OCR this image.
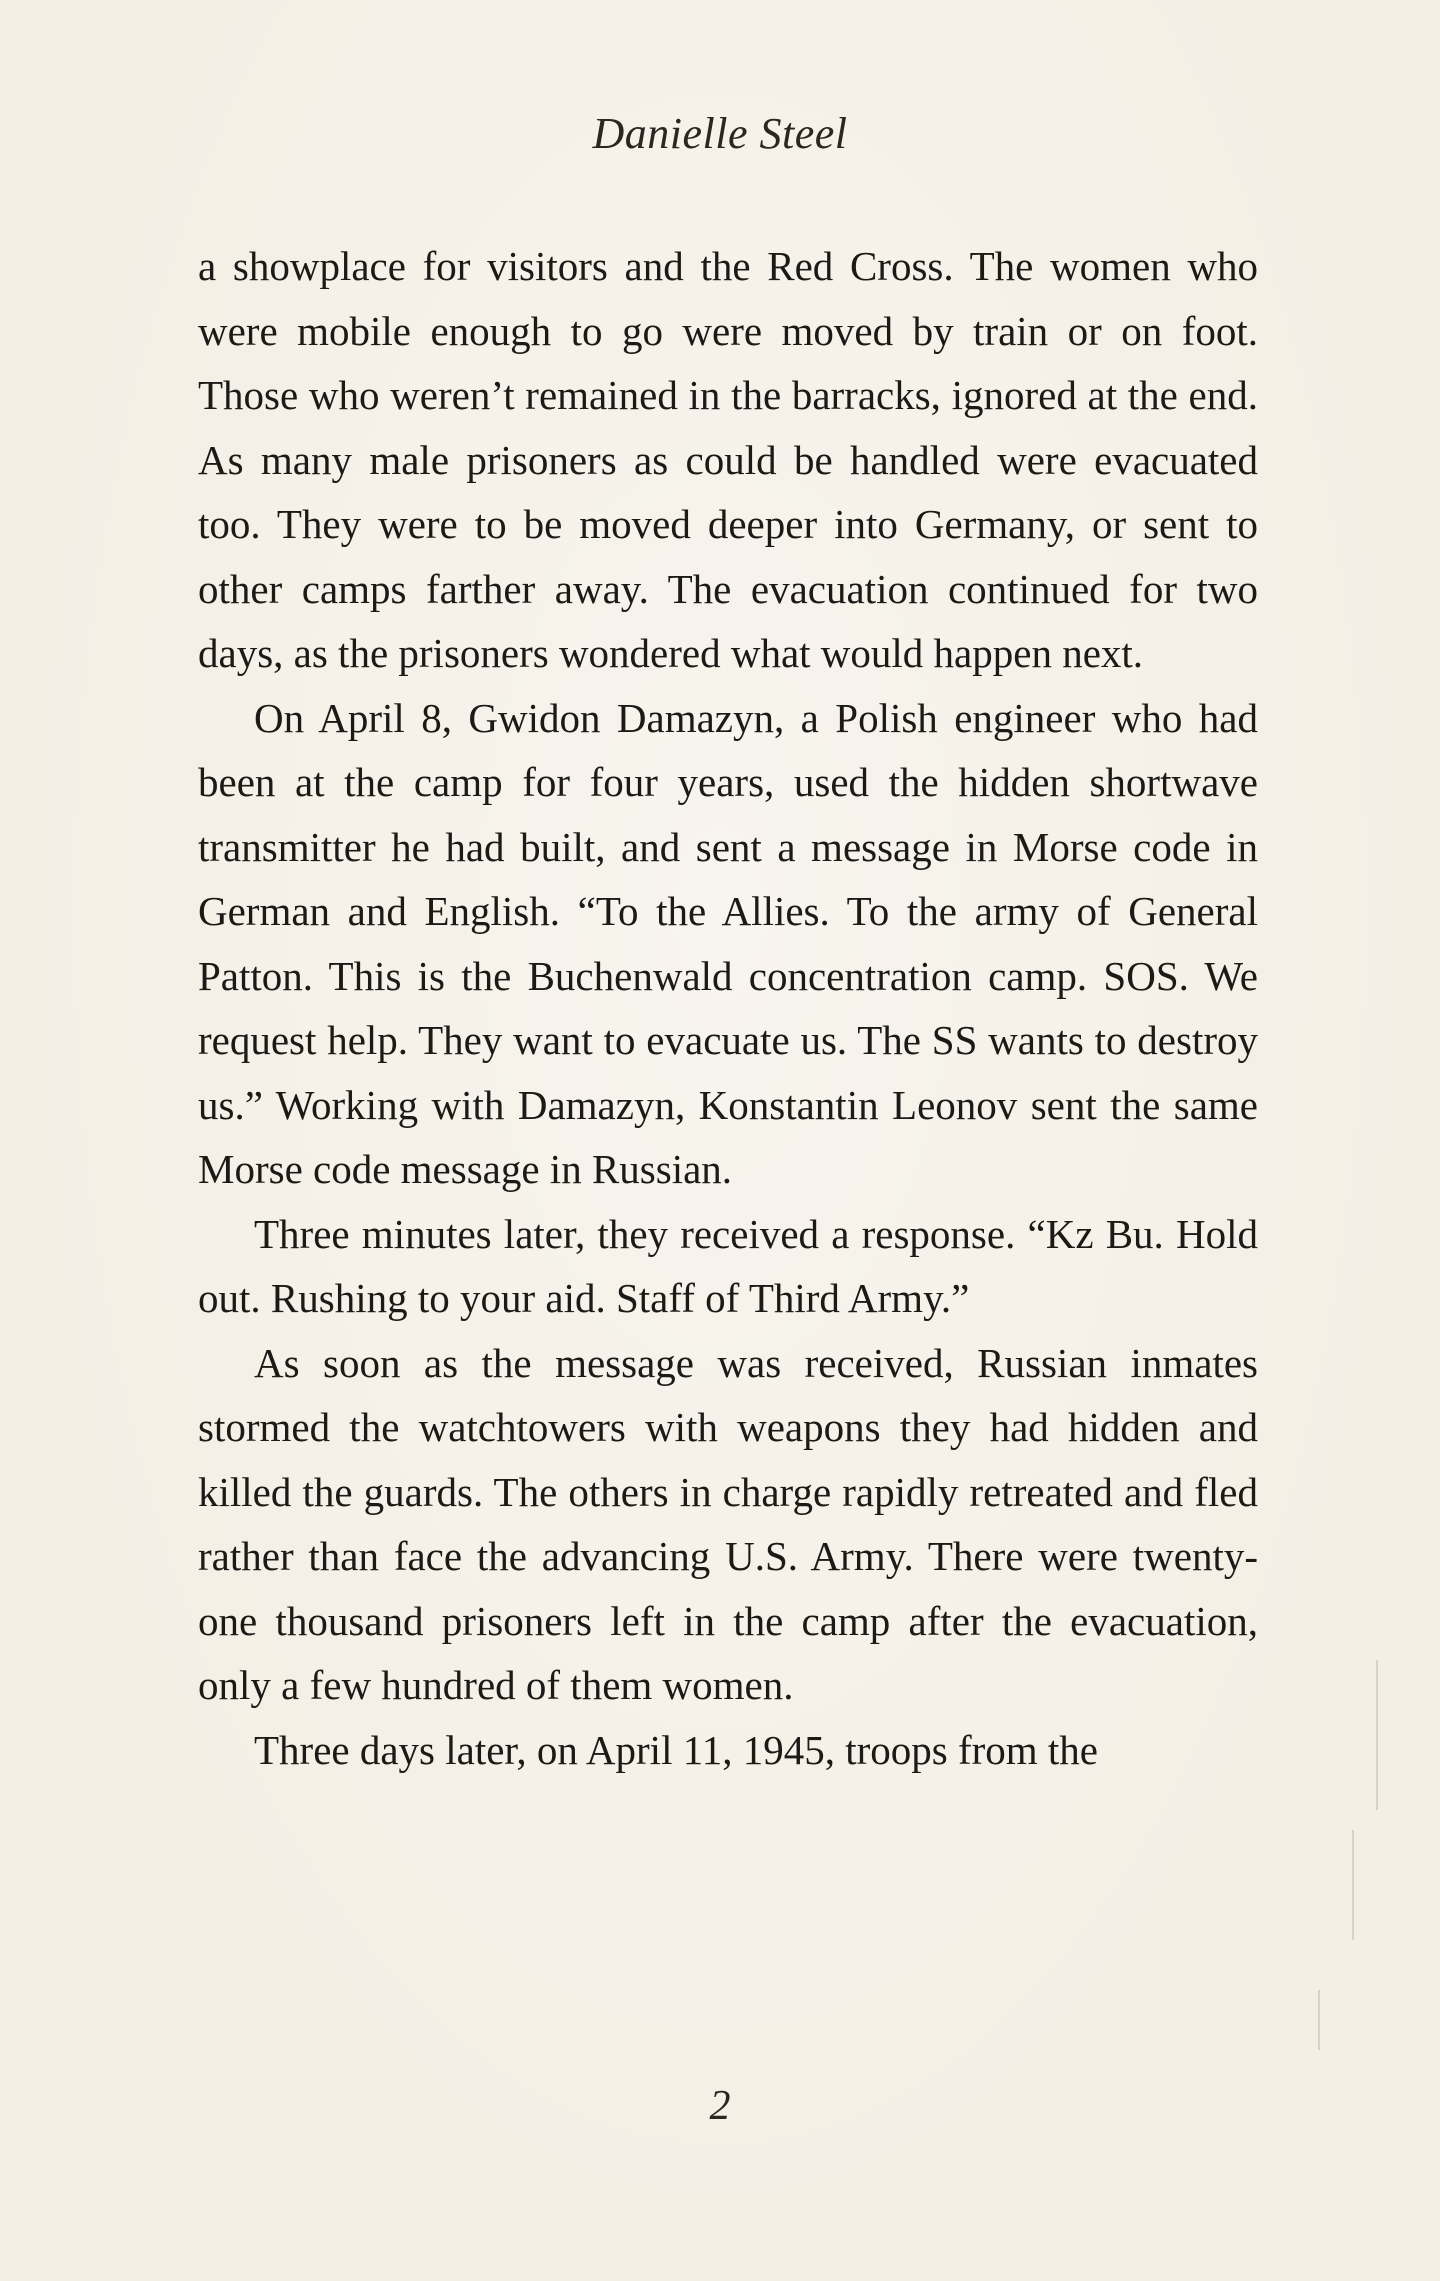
Danielle Steel

a showplace for visitors and the Red Cross. The women who were mobile enough to go were moved by train or on foot. Those who weren’t remained in the barracks, ignored at the end. As many male prisoners as could be handled were evacuated too. They were to be moved deeper into Germany, or sent to other camps farther away. The evacuation continued for two days, as the prisoners wondered what would happen next.

On April 8, Gwidon Damazyn, a Polish engineer who had been at the camp for four years, used the hidden shortwave transmitter he had built, and sent a message in Morse code in German and English. “To the Allies. To the army of General Patton. This is the Buchenwald concentration camp. SOS. We request help. They want to evacuate us. The SS wants to destroy us.” Working with Damazyn, Konstantin Leonov sent the same Morse code message in Russian.

Three minutes later, they received a response. “Kz Bu. Hold out. Rushing to your aid. Staff of Third Army.”

As soon as the message was received, Russian inmates stormed the watchtowers with weapons they had hidden and killed the guards. The others in charge rapidly retreated and fled rather than face the advancing U.S. Army. There were twenty-one thousand prisoners left in the camp after the evacuation, only a few hundred of them women.

Three days later, on April 11, 1945, troops from the

2
